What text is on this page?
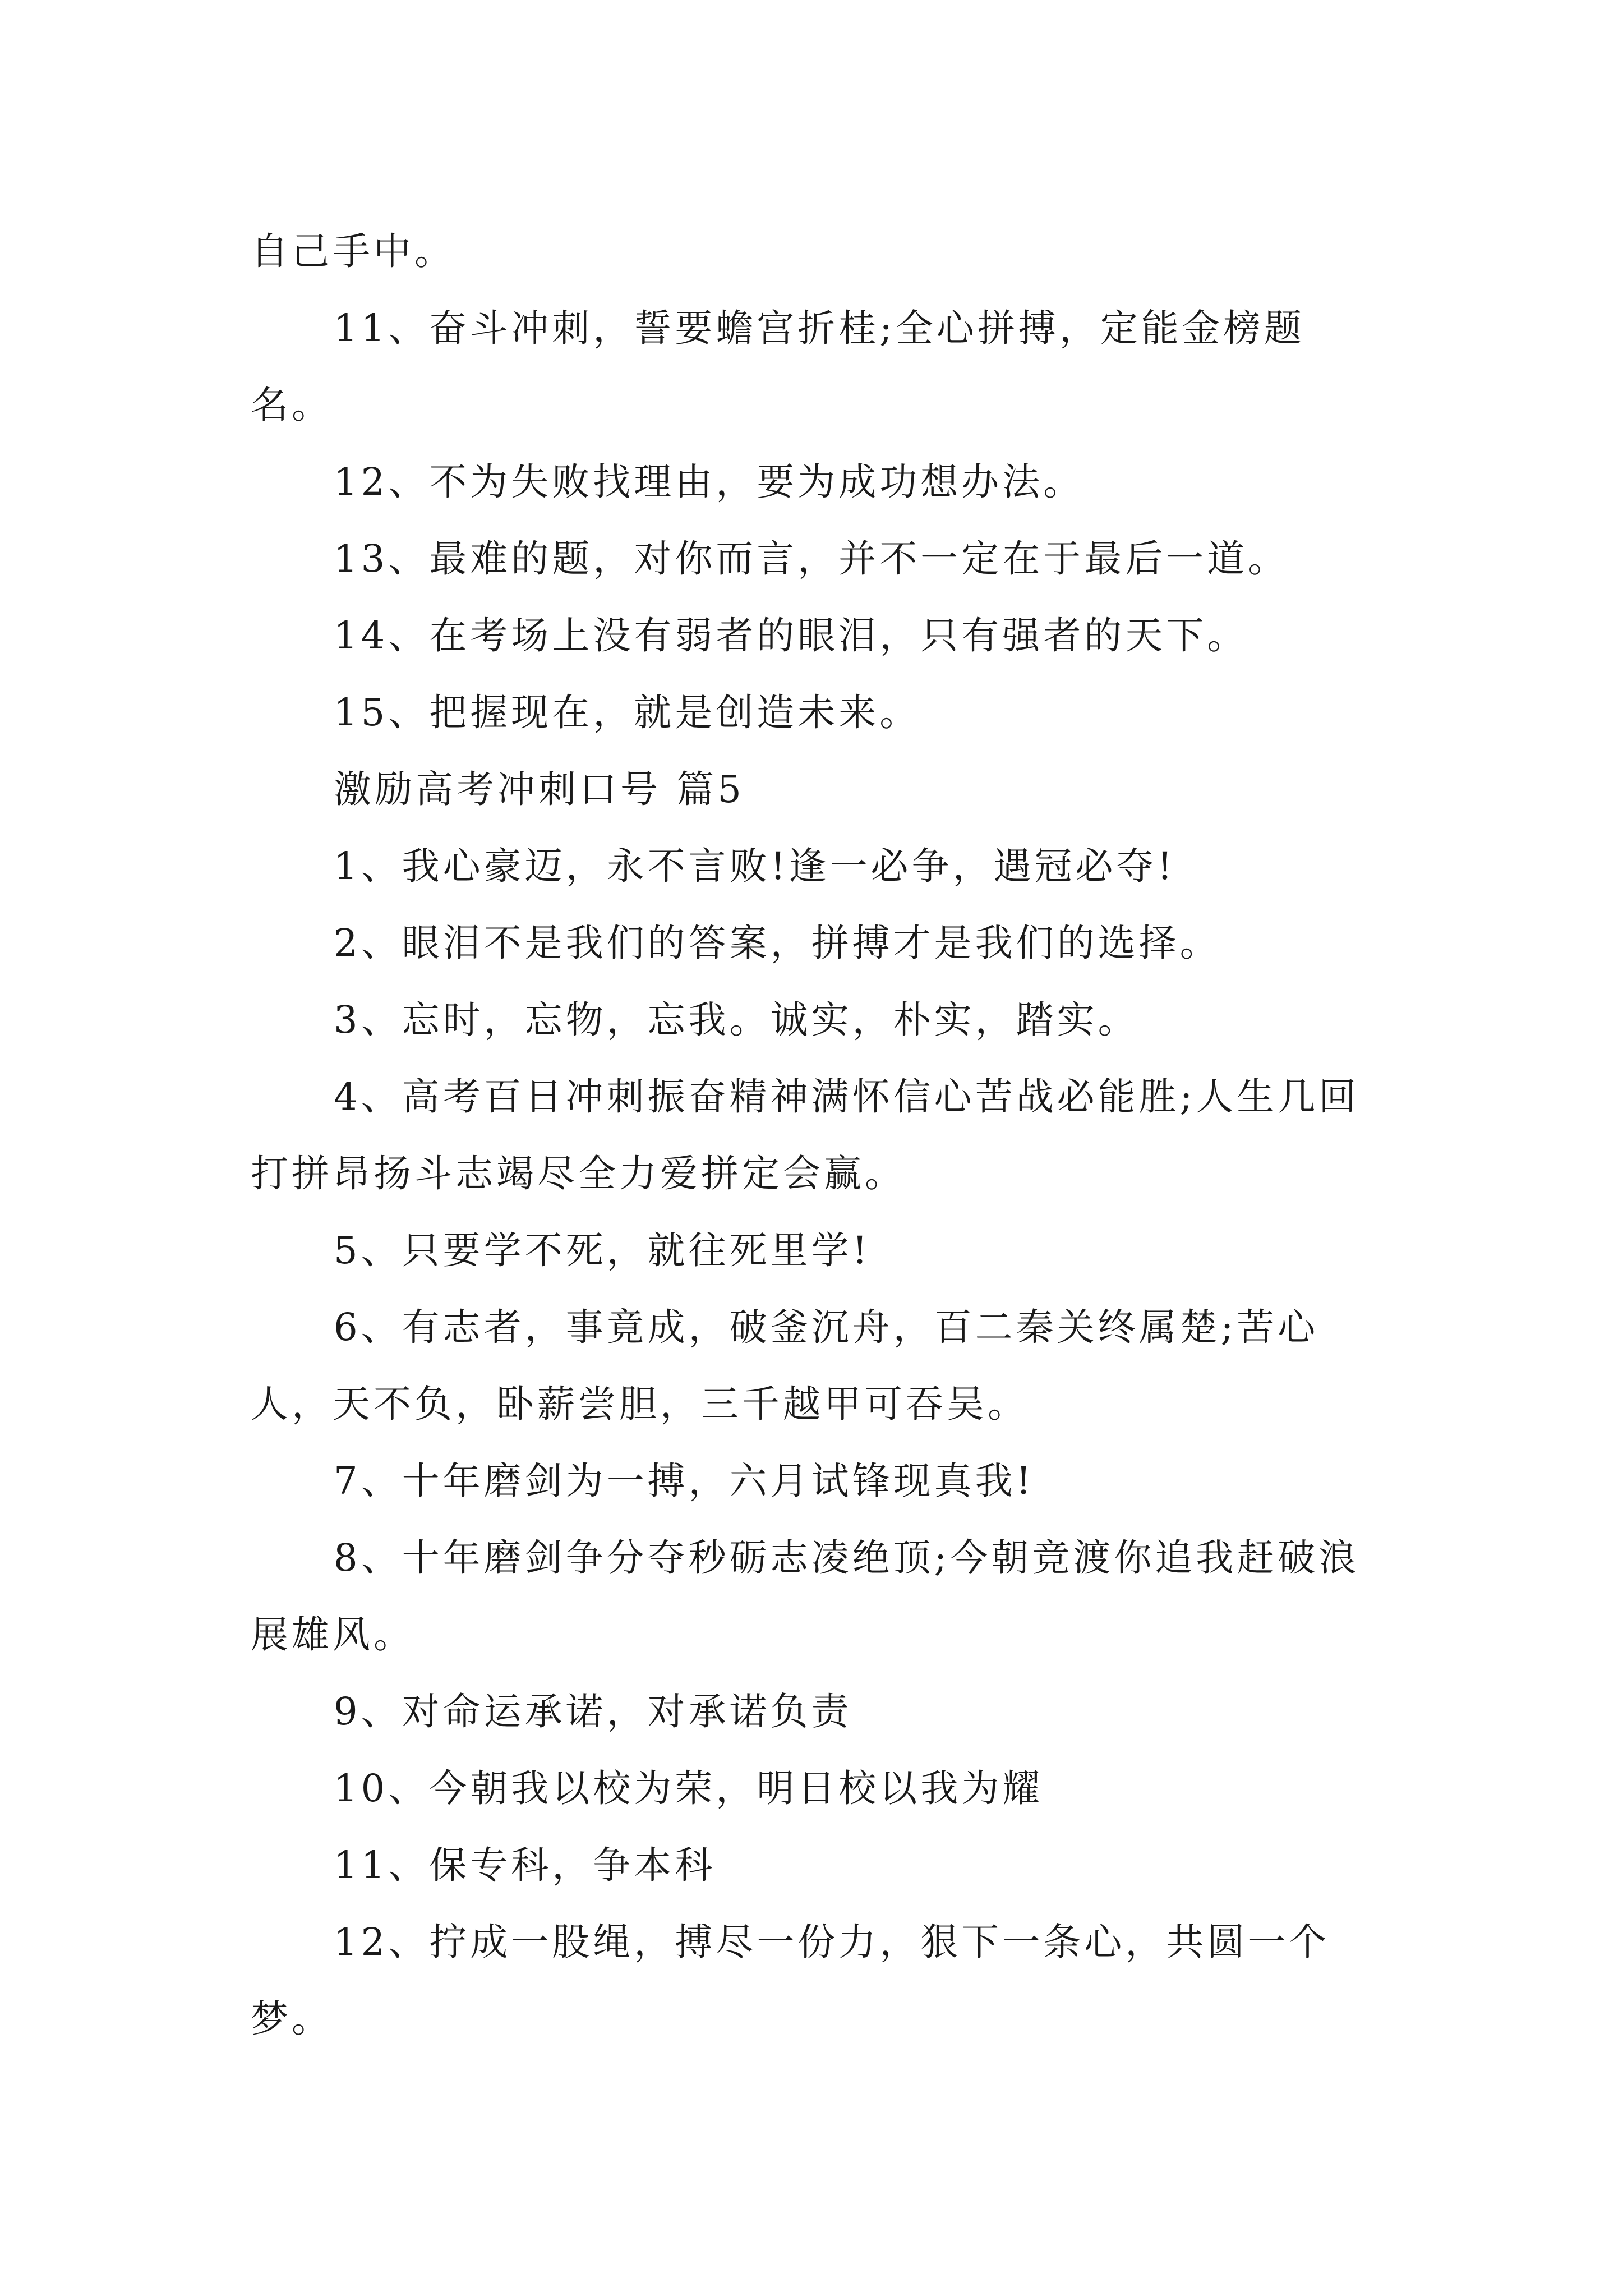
自己手中。

11、奋斗冲刺，誓要蟾宫折桂;全心拼搏，定能金榜题名。

12、不为失败找理由，要为成功想办法。

13、最难的题，对你而言，并不一定在于最后一道。

14、在考场上没有弱者的眼泪，只有强者的天下。

15、把握现在，就是创造未来。

激励高考冲刺口号 篇5

1、我心豪迈，永不言败!逢一必争，遇冠必夺!

2、眼泪不是我们的答案，拼搏才是我们的选择。

3、忘时，忘物，忘我。诚实，朴实，踏实。

4、高考百日冲刺振奋精神满怀信心苦战必能胜;人生几回打拼昂扬斗志竭尽全力爱拼定会赢。

5、只要学不死，就往死里学!

6、有志者，事竟成，破釜沉舟，百二秦关终属楚;苦心人，天不负，卧薪尝胆，三千越甲可吞吴。

7、十年磨剑为一搏，六月试锋现真我!

8、十年磨剑争分夺秒砺志凌绝顶;今朝竞渡你追我赶破浪展雄风。

9、对命运承诺，对承诺负责

10、今朝我以校为荣，明日校以我为耀

11、保专科，争本科

12、拧成一股绳，搏尽一份力，狠下一条心，共圆一个梦。
